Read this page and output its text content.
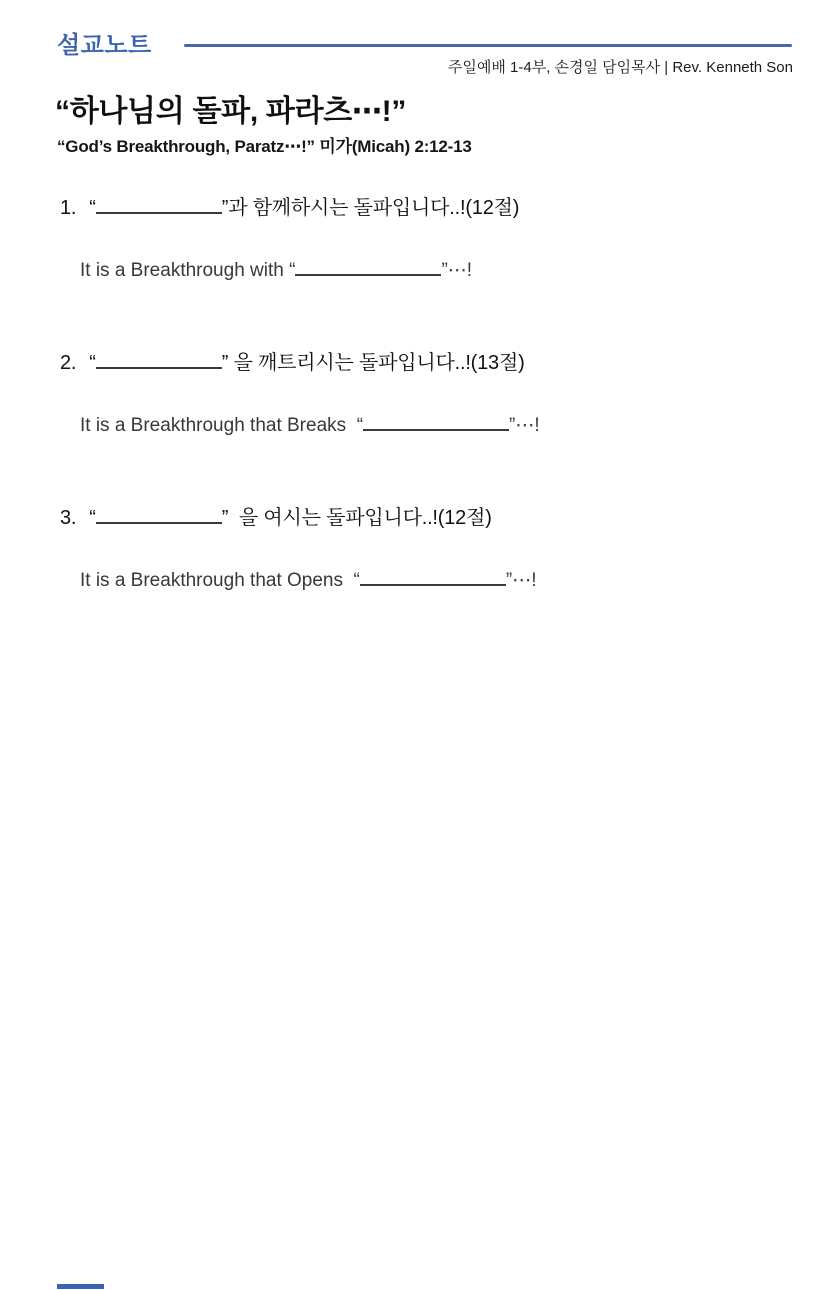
설교노트
주일예배 1-4부, 손경일 담임목사 | Rev. Kenneth Son
“하나님의 돌파, 파라츠⋯!”
“God’s Breakthrough, Paratz⋯!” 미가(Micah) 2:12-13
1. “	”과 함께하시는 돌파입니다..!(12절)
It is a Breakthrough with “	”⋯!
2. “	” 을 깨트리시는 돌파입니다..!(13절)
It is a Breakthrough that Breaks  “	”⋯!
3. “	”  을 여시는 돌파입니다..!(12절)
It is a Breakthrough that Opens  “	”⋯!
